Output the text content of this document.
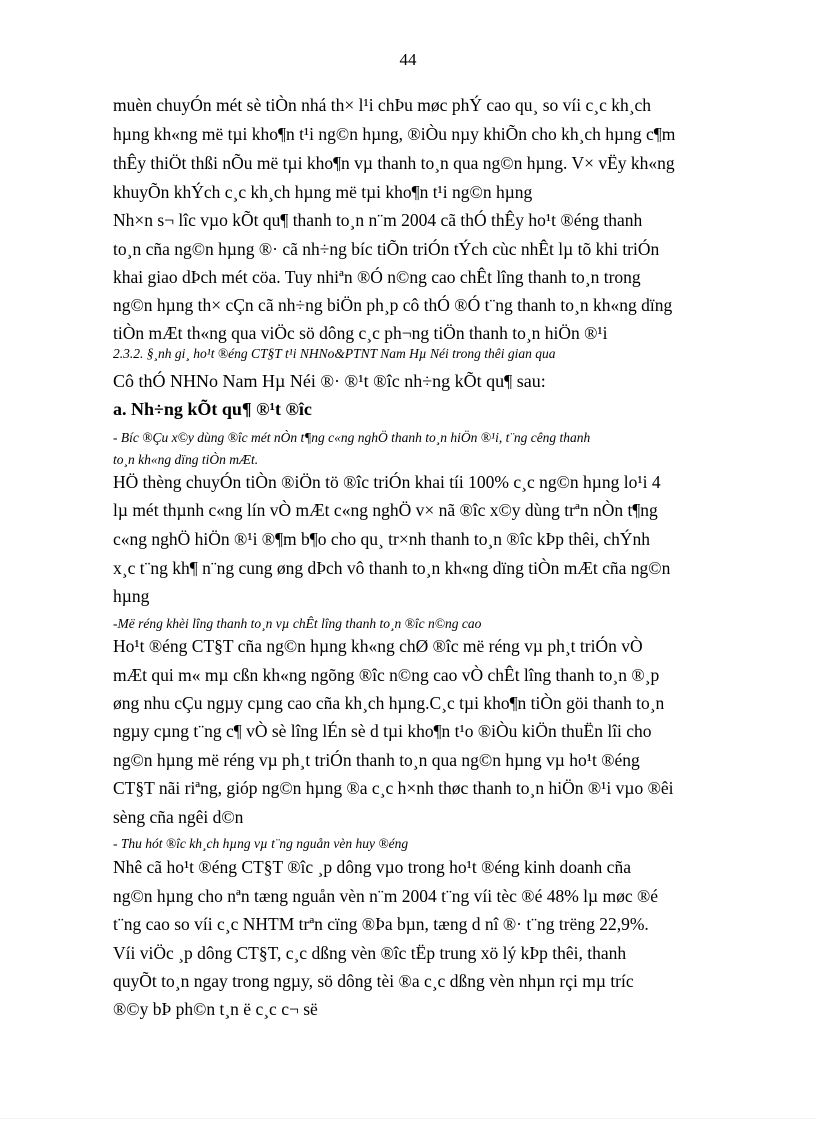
44
muèn chuyÓn mét sè tiÒn nhá th× l¹i chÞu møc phÝ cao qu¸ so víi c¸c kh¸ch
hµng kh«ng më tµi kho¶n t¹i ng©n hµng, ®iÒu nµy khiÕn cho kh¸ch hµng c¶m
thÊy thiÖt thßi nÕu më tµi kho¶n vµ thanh to¸n qua ng©n hµng. V× vËy kh«ng
khuyÕn khÝch c¸c kh¸ch hµng më tµi kho¶n t¹i ng©n hµng
Nh×n s¬ lîc vµo kÕt qu¶ thanh to¸n n¨m 2004 cã thÓ thÊy ho¹t ®éng thanh
to¸n cña ng©n hµng ®· cã nh÷ng bíc tiÕn triÓn tÝch cùc nhÊt lµ tõ khi triÓn
khai giao dÞch mét cöa. Tuy nhiªn ®Ó n©ng cao chÊt lîng thanh to¸n trong
ng©n hµng th× cÇn cã nh÷ng biÖn ph¸p cô thÓ ®Ó t¨ng thanh to¸n kh«ng dïng
tiÒn mÆt th«ng qua viÖc sö dông c¸c ph¬ng tiÖn thanh to¸n hiÖn ®¹i
2.3.2. §¸nh gi¸ ho¹t ®éng CT§T t¹i NHNo&PTNT Nam Hµ Néi trong thêi gian qua
Cô thÓ NHNo Nam Hµ Néi ®· ®¹t ®îc nh÷ng kÕt qu¶ sau:
a. Nh÷ng kÕt qu¶ ®¹t ®îc
- Bíc ®Çu x©y dùng ®îc mét nÒn t¶ng c«ng nghÖ thanh to¸n hiÖn ®¹i, t¨ng cêng thanh
to¸n kh«ng dïng tiÒn mÆt.
HÖ thèng chuyÓn tiÒn ®iÖn tö ®îc triÓn khai tíi 100% c¸c ng©n hµng lo¹i 4
lµ mét thµnh c«ng lín vÒ mÆt c«ng nghÖ v× nã ®îc x©y dùng trªn nÒn t¶ng
c«ng nghÖ hiÖn ®¹i ®¶m b¶o cho qu¸ tr×nh thanh to¸n ®îc kÞp thêi, chÝnh
x¸c t¨ng kh¶ n¨ng cung øng dÞch vô thanh to¸n kh«ng dïng tiÒn mÆt cña ng©n
hµng
-Më réng khèi lîng thanh to¸n vµ chÊt lîng thanh to¸n ®îc n©ng cao
Ho¹t ®éng CT§T cña ng©n hµng kh«ng chØ ®îc më réng vµ ph¸t triÓn vÒ
mÆt qui m« mµ cßn kh«ng ngõng ®îc n©ng cao vÒ chÊt lîng thanh to¸n ®¸p
øng nhu cÇu ngµy cµng cao cña kh¸ch hµng.C¸c tµi kho¶n tiÒn göi thanh to¸n
ngµy cµng t¨ng c¶ vÒ sè lîng lÉn sè d tµi kho¶n t¹o ®iÒu kiÖn thuËn lîi cho
ng©n hµng më réng vµ ph¸t triÓn thanh to¸n qua ng©n hµng vµ ho¹t ®éng
CT§T nãi riªng, gióp ng©n hµng ®a c¸c h×nh thøc thanh to¸n hiÖn ®¹i vµo ®êi
sèng cña ngêi d©n
- Thu hót ®îc kh¸ch hµng vµ t¨ng nguån vèn huy ®éng
Nhê cã ho¹t ®éng CT§T ®îc ¸p dông vµo trong ho¹t ®éng kinh doanh cña
ng©n hµng cho nªn tæng nguån vèn n¨m 2004 t¨ng víi tèc ®é 48% lµ møc ®é
t¨ng cao so víi c¸c NHTM trªn cïng ®Þa bµn, tæng d nî ®· t¨ng trëng 22,9%.
Víi viÖc ¸p dông CT§T, c¸c dßng vèn ®îc tËp trung xö lý kÞp thêi, thanh
quyÕt to¸n ngay trong ngµy, sö dông tèi ®a c¸c dßng vèn nhµn rçi mµ tríc
®©y bÞ ph©n t¸n ë c¸c c¬ së
